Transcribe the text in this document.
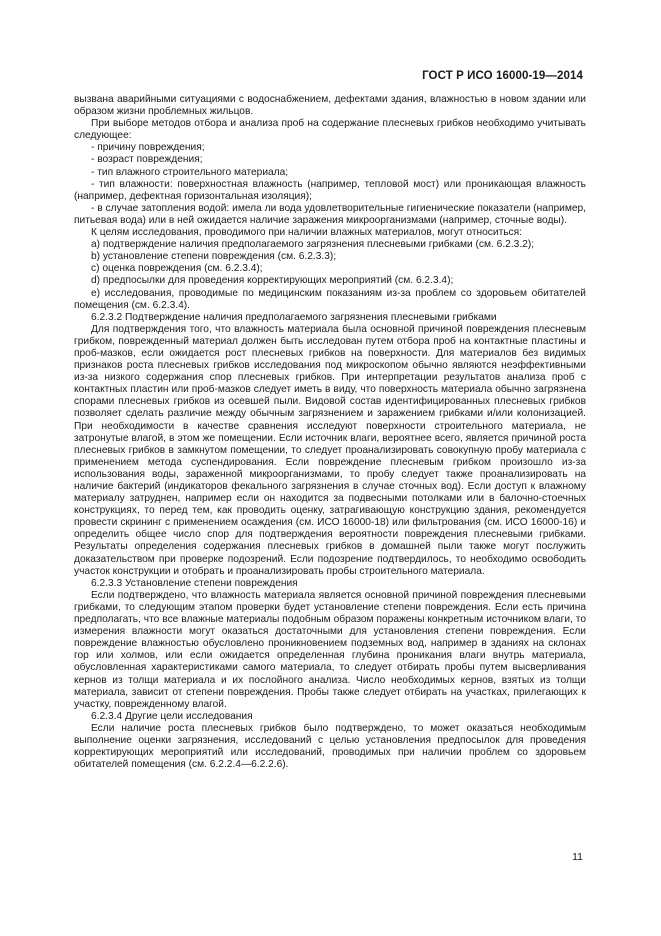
ГОСТ Р ИСО 16000-19—2014

вызвана аварийными ситуациями с водоснабжением, дефектами здания, влажностью в новом здании или образом жизни проблемных жильцов.

При выборе методов отбора и анализа проб на содержание плесневых грибков необходимо учитывать следующее:

- причину повреждения;

- возраст повреждения;

- тип влажного строительного материала;

- тип влажности: поверхностная влажность (например, тепловой мост) или проникающая влажность (например, дефектная горизонтальная изоляция);

- в случае затопления водой: имела ли вода удовлетворительные гигиенические показатели (например, питьевая вода) или в ней ожидается наличие заражения микроорганизмами (например, сточные воды).

К целям исследования, проводимого при наличии влажных материалов, могут относиться:

a) подтверждение наличия предполагаемого загрязнения плесневыми грибками (см. 6.2.3.2);

b) установление степени повреждения (см. 6.2.3.3);

c) оценка повреждения (см. 6.2.3.4);

d) предпосылки для проведения корректирующих мероприятий (см. 6.2.3.4);

e) исследования, проводимые по медицинским показаниям из-за проблем со здоровьем обитателей помещения (см. 6.2.3.4).

6.2.3.2 Подтверждение наличия предполагаемого загрязнения плесневыми грибками

Для подтверждения того, что влажность материала была основной причиной повреждения плесневым грибком, поврежденный материал должен быть исследован путем отбора проб на контактные пластины и проб-мазков, если ожидается рост плесневых грибков на поверхности. Для материалов без видимых признаков роста плесневых грибков исследования под микроскопом обычно являются неэффективными из-за низкого содержания спор плесневых грибков. При интерпретации результатов анализа проб с контактных пластин или проб-мазков следует иметь в виду, что поверхность материала обычно загрязнена спорами плесневых грибков из осевшей пыли. Видовой состав идентифицированных плесневых грибков позволяет сделать различие между обычным загрязнением и заражением грибками и/или колонизацией. При необходимости в качестве сравнения исследуют поверхности строительного материала, не затронутые влагой, в этом же помещении. Если источник влаги, вероятнее всего, является причиной роста плесневых грибков в замкнутом помещении, то следует проанализировать совокупную пробу материала с применением метода суспендирования. Если повреждение плесневым грибком произошло из-за использования воды, зараженной микроорганизмами, то пробу следует также проанализировать на наличие бактерий (индикаторов фекального загрязнения в случае сточных вод). Если доступ к влажному материалу затруднен, например если он находится за подвесными потолками или в балочно-стоечных конструкциях, то перед тем, как проводить оценку, затрагивающую конструкцию здания, рекомендуется провести скрининг с применением осаждения (см. ИСО 16000-18) или фильтрования (см. ИСО 16000-16) и определить общее число спор для подтверждения вероятности повреждения плесневыми грибками. Результаты определения содержания плесневых грибков в домашней пыли также могут послужить доказательством при проверке подозрений. Если подозрение подтвердилось, то необходимо освободить участок конструкции и отобрать и проанализировать пробы строительного материала.

6.2.3.3 Установление степени повреждения

Если подтверждено, что влажность материала является основной причиной повреждения плесневыми грибками, то следующим этапом проверки будет установление степени повреждения. Если есть причина предполагать, что все влажные материалы подобным образом поражены конкретным источником влаги, то измерения влажности могут оказаться достаточными для установления степени повреждения. Если повреждение влажностью обусловлено проникновением подземных вод, например в зданиях на склонах гор или холмов, или если ожидается определенная глубина проникания влаги внутрь материала, обусловленная характеристиками самого материала, то следует отбирать пробы путем высверливания кернов из толщи материала и их послойного анализа. Число необходимых кернов, взятых из толщи материала, зависит от степени повреждения. Пробы также следует отбирать на участках, прилегающих к участку, поврежденному влагой.

6.2.3.4 Другие цели исследования

Если наличие роста плесневых грибков было подтверждено, то может оказаться необходимым выполнение оценки загрязнения, исследований с целью установления предпосылок для проведения корректирующих мероприятий или исследований, проводимых при наличии проблем со здоровьем обитателей помещения (см. 6.2.2.4—6.2.2.6).

11
